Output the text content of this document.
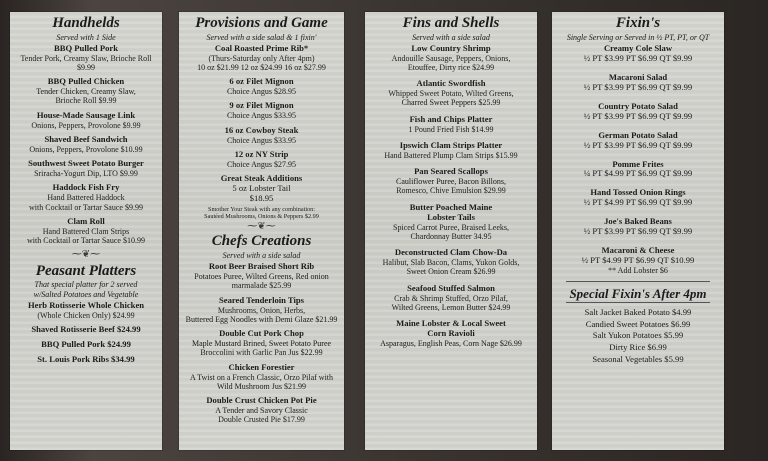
Handhelds
Served with 1 Side
BBQ Pulled Pork
Tender Pork, Creamy Slaw, Brioche Roll
$9.99
BBQ Pulled Chicken
Tender Chicken, Creamy Slaw,
Brioche Roll $9.99
House-Made Sausage Link
Onions, Peppers, Provolone $9.99
Shaved Beef Sandwich
Onions, Peppers, Provolone $10.99
Southwest Sweet Potato Burger
Sriracha-Yogurt Dip, LTO $9.99
Haddock Fish Fry
Hand Battered Haddock
with Cocktail or Tartar Sauce $9.99
Clam Roll
Hand Battered Clam Strips
with Cocktail or Tartar Sauce $10.99
⁓❦⁓
Peasant Platters
That special platter for 2 served
w/Salted Potatoes and Vegetable
Herb Rotisserie Whole Chicken
(Whole Chicken Only) $24.99
Shaved Rotisserie Beef $24.99
BBQ Pulled Pork $24.99
St. Louis Pork Ribs $34.99
Provisions and Game
Served with a side salad & 1 fixin'
Coal Roasted Prime Rib*
(Thurs-Saturday only After 4pm)
10 oz $21.99 12 oz $24.99 16 oz $27.99
6 oz Filet Mignon
Choice Angus $28.95
9 oz Filet Mignon
Choice Angus $33.95
16 oz Cowboy Steak
Choice Angus $33.95
12 oz NY Strip
Choice Angus $27.95
Great Steak Additions
5 oz Lobster Tail
$18.95
Smother Your Steak with any combination:
Sautéed Mushrooms, Onions & Peppers $2.99
⁓❦⁓
Chefs Creations
Served with a side salad
Root Beer Braised Short Rib
Potatoes Puree, Wilted Greens, Red onion
marmalade $25.99
Seared Tenderloin Tips
Mushrooms, Onion, Herbs,
Buttered Egg Noodles with Demi Glaze $21.99
Double Cut Pork Chop
Maple Mustard Brined, Sweet Potato Puree
Broccolini with Garlic Pan Jus $22.99
Chicken Forestier
A Twist on a French Classic, Orzo Pilaf with
Wild Mushroom Jus $21.99
Double Crust Chicken Pot Pie
A Tender and Savory Classic
Double Crusted Pie $17.99
Fins and Shells
Served with a side salad
Low Country Shrimp
Andouille Sausage, Peppers, Onions,
Etouffee, Dirty rice $24.99
Atlantic Swordfish
Whipped Sweet Potato, Wilted Greens,
Charred Sweet Peppers $25.99
Fish and Chips Platter
1 Pound Fried Fish $14.99
Ipswich Clam Strips Platter
Hand Battered Plump Clam Strips $15.99
Pan Seared Scallops
Cauliflower Puree, Bacon Billons,
Romesco, Chive Emulsion $29.99
Butter Poached Maine
Lobster Tails
Spiced Carrot Puree, Braised Leeks,
Chardonnay Butter 34.95
Deconstructed Clam Chow-Da
Halibut, Slab Bacon, Clams, Yukon Golds,
Sweet Onion Cream $26.99
Seafood Stuffed Salmon
Crab & Shrimp Stuffed, Orzo Pilaf,
Wilted Greens, Lemon Butter $24.99
Maine Lobster & Local Sweet
Corn Ravioli
Asparagus, English Peas, Corn Nage $26.99
Fixin's
Single Serving or Served in ½ PT, PT, or QT
Creamy Cole Slaw
½ PT $3.99 PT $6.99 QT $9.99
Macaroni Salad
½ PT $3.99 PT $6.99 QT $9.99
Country Potato Salad
½ PT $3.99 PT $6.99 QT $9.99
German Potato Salad
½ PT $3.99 PT $6.99 QT $9.99
Pomme Frites
¼ PT $4.99 PT $6.99 QT $9.99
Hand Tossed Onion Rings
½ PT $4.99 PT $6.99 QT $9.99
Joe's Baked Beans
½ PT $3.99 PT $6.99 QT $9.99
Macaroni & Cheese
½ PT $4.99 PT $6.99 QT $10.99
** Add Lobster $6
Special Fixin's After 4pm
Salt Jacket Baked Potato $4.99
Candied Sweet Potatoes $6.99
Salt Yukon Potatoes $5.99
Dirty Rice $6.99
Seasonal Vegetables $5.99
